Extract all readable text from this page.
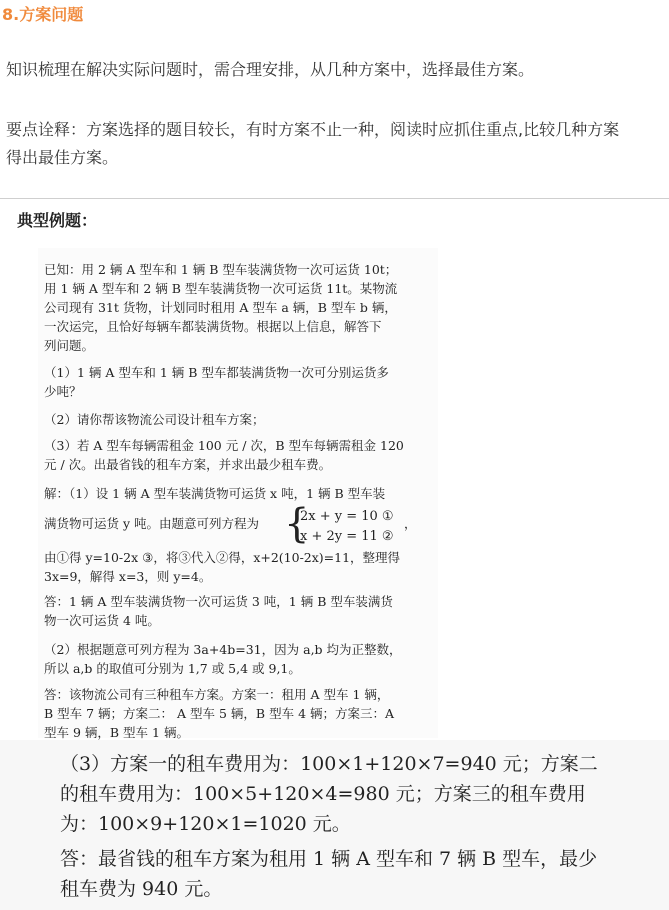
8.方案问题
知识梳理在解决实际问题时，需合理安排，从几种方案中，选择最佳方案。
要点诠释：方案选择的题目较长，有时方案不止一种，阅读时应抓住重点,比较几种方案
得出最佳方案。
典型例题：
已知：用 2 辆 A 型车和 1 辆 B 型车装满货物一次可运货 10t；
用 1 辆 A 型车和 2 辆 B 型车装满货物一次可运货 11t。某物流
公司现有 31t 货物，计划同时租用 A 型车 a 辆，B 型车 b 辆，
一次运完，且恰好每辆车都装满货物。根据以上信息，解答下
列问题。
（1）1 辆 A 型车和 1 辆 B 型车都装满货物一次可分别运货多
少吨？
（2）请你帮该物流公司设计租车方案；
（3）若 A 型车每辆需租金 100 元 / 次，B 型车每辆需租金 120
元 / 次。出最省钱的租车方案，并求出最少租车费。
解：（1）设 1 辆 A 型车装满货物可运货 x 吨，1 辆 B 型车装
满货物可运货 y 吨。由题意可列方程为 {
2x + y = 10 ①
x + 2y = 11 ②
，
由①得 y=10-2x ③，将③代入②得，x+2(10-2x)=11，整理得
3x=9，解得 x=3，则 y=4。
答：1 辆 A 型车装满货物一次可运货 3 吨，1 辆 B 型车装满货
物一次可运货 4 吨。
（2）根据题意可列方程为 3a+4b=31，因为 a,b 均为正整数，
所以 a,b 的取值可分别为 1,7 或 5,4 或 9,1。
答：该物流公司有三种租车方案。方案一：租用 A 型车 1 辆，
B 型车 7 辆；方案二： A 型车 5 辆，B 型车 4 辆；方案三：A
型车 9 辆，B 型车 1 辆。
（3）方案一的租车费用为：100×1+120×7=940 元；方案二
的租车费用为：100×5+120×4=980 元；方案三的租车费用
为：100×9+120×1=1020 元。
答：最省钱的租车方案为租用 1 辆 A 型车和 7 辆 B 型车，最少
租车费为 940 元。
